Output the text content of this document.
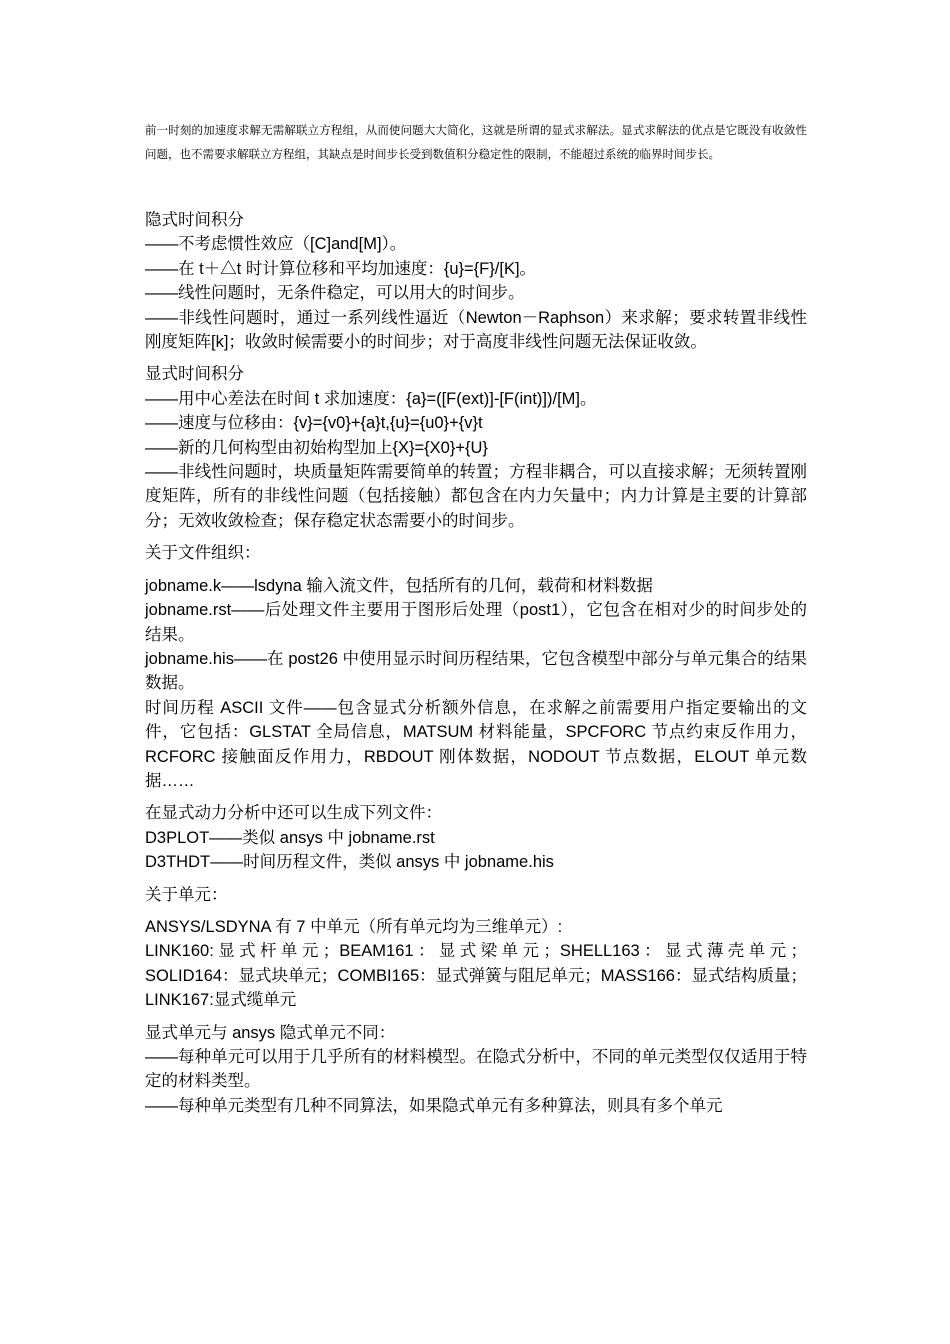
前一时刻的加速度求解无需解联立方程组，从而使问题大大简化，这就是所谓的显式求解法。显式求解法的优点是它既没有收敛性问题，也不需要求解联立方程组，其缺点是时间步长受到数值积分稳定性的限制，不能超过系统的临界时间步长。

隐式时间积分

——不考虑惯性效应（[C]and[M]）。

——在 t＋△t 时计算位移和平均加速度：{u}={F}/[K]。

——线性问题时，无条件稳定，可以用大的时间步。

——非线性问题时，通过一系列线性逼近（Newton－Raphson）来求解；要求转置非线性刚度矩阵[k]；收敛时候需要小的时间步；对于高度非线性问题无法保证收敛。

显式时间积分

——用中心差法在时间 t 求加速度：{a}=([F(ext)]-[F(int)])/[M]。

——速度与位移由：{v}={v0}+{a}t,{u}={u0}+{v}t

——新的几何构型由初始构型加上{X}={X0}+{U}

——非线性问题时，块质量矩阵需要简单的转置；方程非耦合，可以直接求解；无须转置刚度矩阵，所有的非线性问题（包括接触）都包含在内力矢量中；内力计算是主要的计算部分；无效收敛检查；保存稳定状态需要小的时间步。

关于文件组织：

jobname.k——lsdyna 输入流文件，包括所有的几何，载荷和材料数据

jobname.rst——后处理文件主要用于图形后处理（post1），它包含在相对少的时间步处的结果。

jobname.his——在 post26 中使用显示时间历程结果，它包含模型中部分与单元集合的结果数据。

时间历程 ASCII 文件——包含显式分析额外信息，在求解之前需要用户指定要输出的文件，它包括：GLSTAT 全局信息，MATSUM 材料能量，SPCFORC 节点约束反作用力，RCFORC 接触面反作用力，RBDOUT 刚体数据，NODOUT 节点数据，ELOUT 单元数据……

在显式动力分析中还可以生成下列文件：

D3PLOT——类似 ansys 中 jobname.rst

D3THDT——时间历程文件，类似 ansys 中 jobname.his

关于单元：

ANSYS/LSDYNA 有 7 中单元（所有单元均为三维单元）:

LINK160:显式杆单元；BEAM161：显式梁单元；SHELL163：显式薄壳单元；SOLID164：显式块单元；COMBI165：显式弹簧与阻尼单元；MASS166：显式结构质量；LINK167:显式缆单元

显式单元与 ansys 隐式单元不同：

——每种单元可以用于几乎所有的材料模型。在隐式分析中，不同的单元类型仅仅适用于特定的材料类型。

——每种单元类型有几种不同算法，如果隐式单元有多种算法，则具有多个单元
